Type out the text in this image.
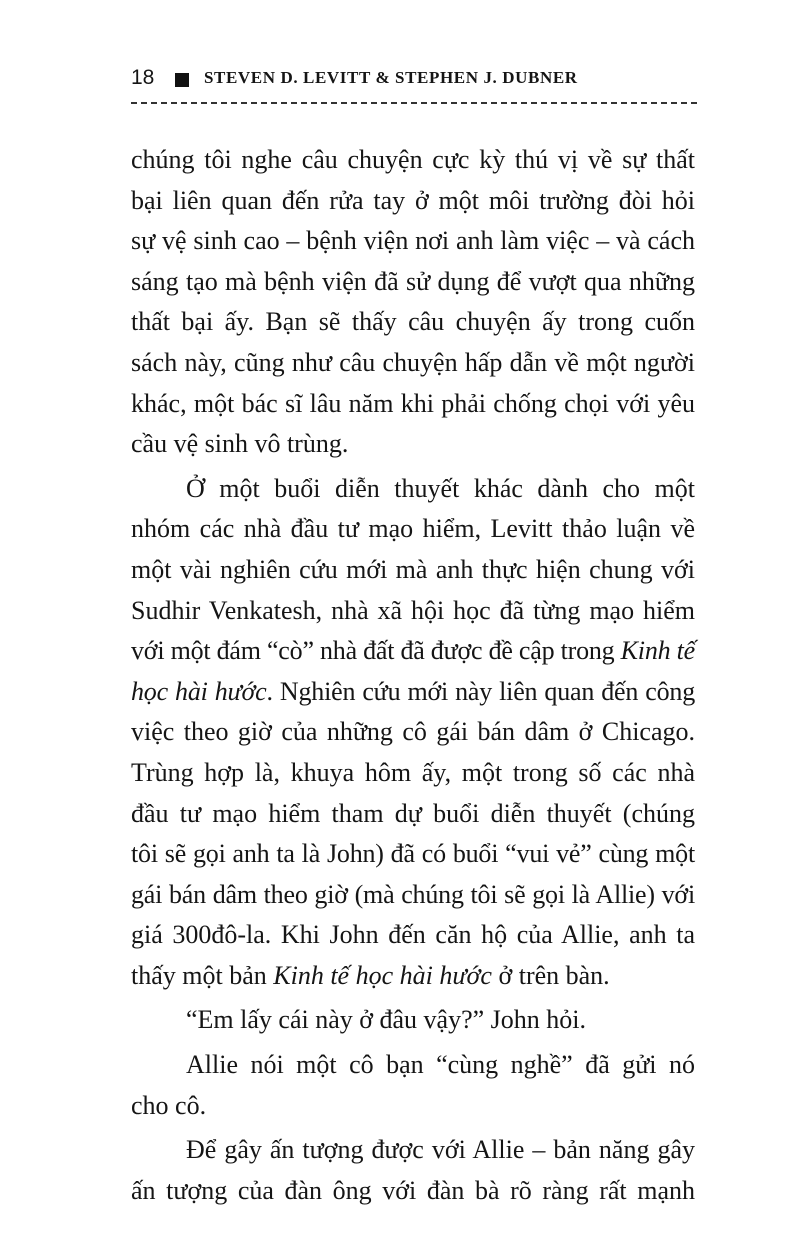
18	STEVEN D. LEVITT & STEPHEN J. DUBNER
chúng tôi nghe câu chuyện cực kỳ thú vị về sự thất
bại liên quan đến rửa tay ở một môi trường đòi hỏi
sự vệ sinh cao – bệnh viện nơi anh làm việc – và cách
sáng tạo mà bệnh viện đã sử dụng để vượt qua những
thất bại ấy. Bạn sẽ thấy câu chuyện ấy trong cuốn
sách này, cũng như câu chuyện hấp dẫn về một người
khác, một bác sĩ lâu năm khi phải chống chọi với yêu
cầu vệ sinh vô trùng.
Ở một buổi diễn thuyết khác dành cho một
nhóm các nhà đầu tư mạo hiểm, Levitt thảo luận về
một vài nghiên cứu mới mà anh thực hiện chung với
Sudhir Venkatesh, nhà xã hội học đã từng mạo hiểm
với một đám “cò” nhà đất đã được đề cập trong Kinh tế
học hài hước. Nghiên cứu mới này liên quan đến công
việc theo giờ của những cô gái bán dâm ở Chicago.
Trùng hợp là, khuya hôm ấy, một trong số các nhà
đầu tư mạo hiểm tham dự buổi diễn thuyết (chúng
tôi sẽ gọi anh ta là John) đã có buổi “vui vẻ” cùng một
gái bán dâm theo giờ (mà chúng tôi sẽ gọi là Allie) với
giá 300đô-la. Khi John đến căn hộ của Allie, anh ta
thấy một bản Kinh tế học hài hước ở trên bàn.
“Em lấy cái này ở đâu vậy?” John hỏi.
Allie nói một cô bạn “cùng nghề” đã gửi nó
cho cô.
Để gây ấn tượng được với Allie – bản năng gây
ấn tượng của đàn ông với đàn bà rõ ràng rất mạnh
